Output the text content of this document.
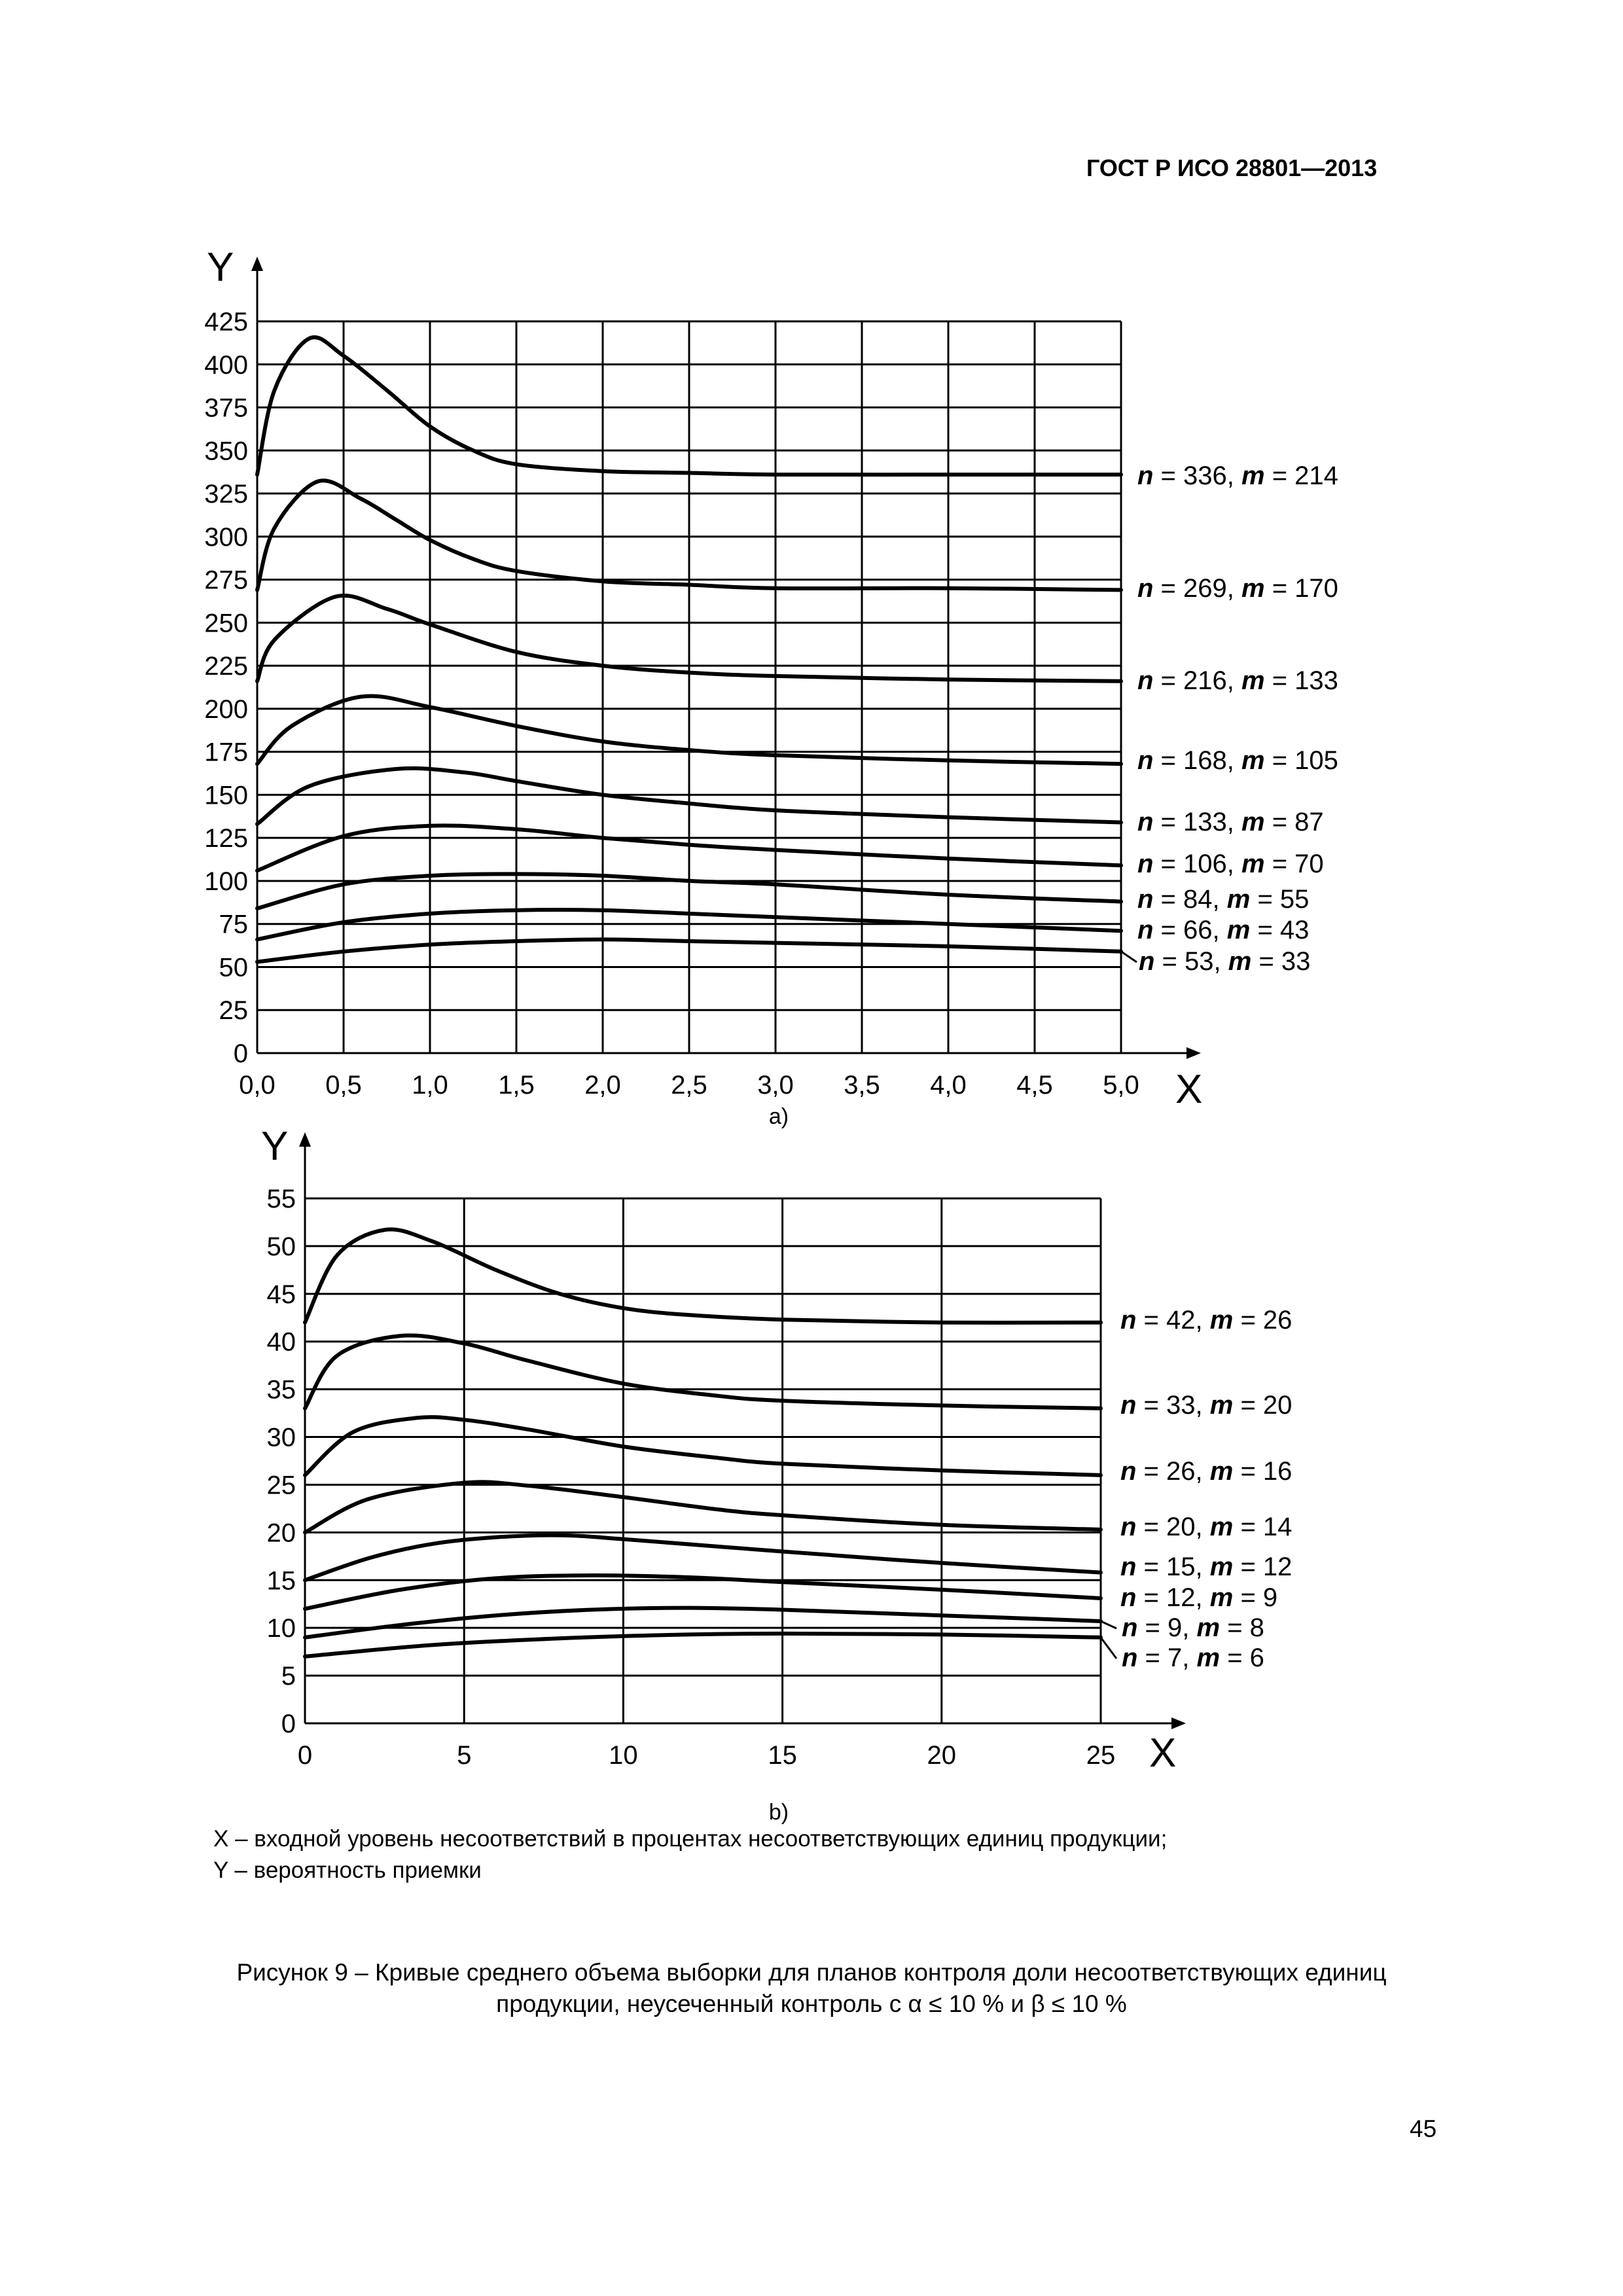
ГОСТ Р ИСО 28801—2013
0
25
50
75
100
125
150
175
200
225
250
275
300
325
350
375
400
425
0,0 0,5 1,0 1,5 2,0 2,5 3,0 3,5 4,0 4,5 5,0 X
Y
a)
n = 336, m = 214
n = 269, m = 170
n = 216, m = 133
n = 168, m = 105
n = 133, m = 87
n = 106, m = 70
n = 84, m = 55
n = 66, m = 43
n = 53, m = 33
0
5
10
15
20
25
30
35
40
45
50
55
0	5	10	15	20	25 X
Y
b)
n = 42, m = 26
n = 33, m = 20
n = 26, m = 16
n = 20, m = 14
n = 15, m = 12
n = 12, m = 9
n = 9, m = 8
n = 7, m = 6
X – входной уровень несоответствий в процентах несоответствующих единиц продукции;
Y – вероятность приемки
Рисунок 9 – Кривые среднего объема выборки для планов контроля доли несоответствующих единиц
продукции, неусеченный контроль с α ≤ 10 % и β ≤ 10 %
45
